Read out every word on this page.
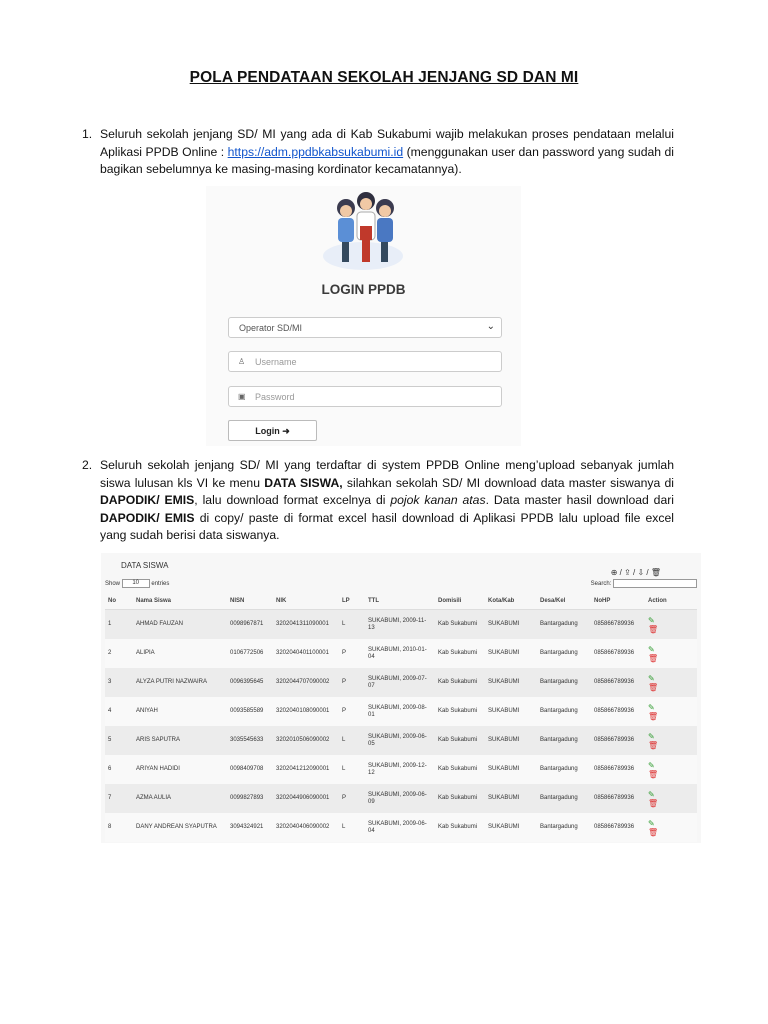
POLA PENDATAAN SEKOLAH JENJANG SD DAN MI
1. Seluruh sekolah jenjang SD/ MI yang ada di Kab Sukabumi wajib melakukan proses pendataan melalui Aplikasi PPDB Online : https://adm.ppdbkabsukabumi.id (menggunakan user dan password yang sudah di bagikan sebelumnya ke masing-masing kordinator kecamatannya).
LOGIN PPDB
Operator SD/MI	⌄
♙ Username
▣ Password
Login ➜
2. Seluruh sekolah jenjang SD/ MI yang terdaftar di system PPDB Online meng’upload sebanyak jumlah siswa lulusan kls VI ke menu DATA SISWA, silahkan sekolah SD/ MI download data master siswanya di DAPODIK/ EMIS, lalu download format excelnya di pojok kanan atas. Data master hasil download dari DAPODIK/ EMIS di copy/ paste di format excel hasil download di Aplikasi PPDB lalu upload file excel yang sudah berisi data siswanya.
DATA SISWA
⊕ / ⇪ / ⇩ / 🗑
Show 10 entries	Search:
No	Nama Siswa	NISN	NIK	LP	TTL	Domisili	Kota/Kab	Desa/Kel	NoHP	Action
1	AHMAD FAUZAN	0098967871	3202041311090001	L	SUKABUMI, 2009-11-13	Kab Sukabumi	SUKABUMI	Bantargadung	085866789936	✎
🗑

2	ALIPIA	0106772506	3202040401100001	P	SUKABUMI, 2010-01-04	Kab Sukabumi	SUKABUMI	Bantargadung	085866789936	✎
🗑

3	ALYZA PUTRI NAZWAIRA	0096395645	3202044707090002	P	SUKABUMI, 2009-07-07	Kab Sukabumi	SUKABUMI	Bantargadung	085866789936	✎
🗑

4	ANIYAH	0093585589	3202040108090001	P	SUKABUMI, 2009-08-01	Kab Sukabumi	SUKABUMI	Bantargadung	085866789936	✎
🗑

5	ARIS SAPUTRA	3035545633	3202010506090002	L	SUKABUMI, 2009-06-05	Kab Sukabumi	SUKABUMI	Bantargadung	085866789936	✎
🗑

6	ARIYAN HADIDI	0098409708	3202041212090001	L	SUKABUMI, 2009-12-12	Kab Sukabumi	SUKABUMI	Bantargadung	085866789936	✎
🗑

7	AZMA AULIA	0099827893	3202044906090001	P	SUKABUMI, 2009-06-09	Kab Sukabumi	SUKABUMI	Bantargadung	085866789936	✎
🗑

8	DANY ANDREAN SYAPUTRA	3094324921	3202040406090002	L	SUKABUMI, 2009-06-04	Kab Sukabumi	SUKABUMI	Bantargadung	085866789936	✎
🗑
